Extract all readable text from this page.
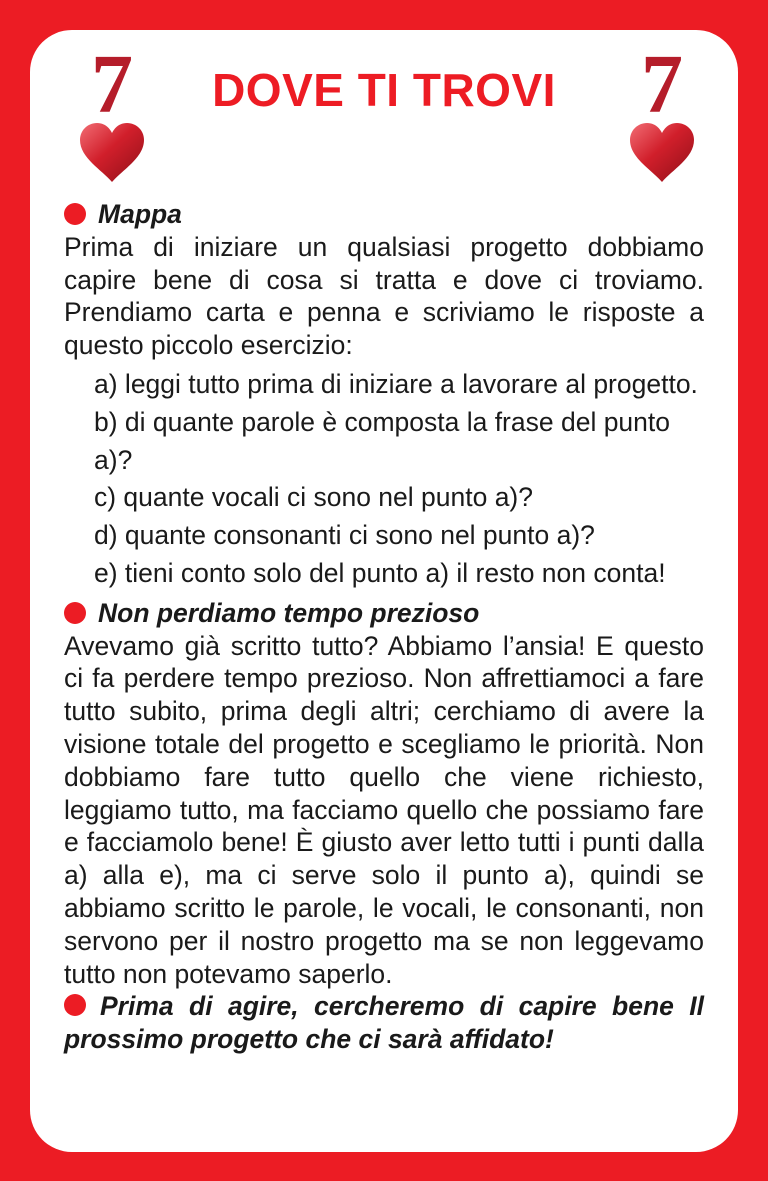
7	7
DOVE TI TROVI
Mappa

Prima di iniziare un qualsiasi progetto dobbiamo capire bene di cosa si tratta e dove ci troviamo. Prendiamo carta e penna e scriviamo le risposte a questo piccolo esercizio:

a) leggi tutto prima di iniziare a lavorare al progetto.
b) di quante parole è composta la frase del punto a)?
c) quante vocali ci sono nel punto a)?
d) quante consonanti ci sono nel punto a)?
e) tieni conto solo del punto a) il resto non conta!
Non perdiamo tempo prezioso

Avevamo già scritto tutto? Abbiamo l’ansia! E questo ci fa perdere tempo prezioso. Non affrettiamoci a fare tutto subito, prima degli altri; cerchiamo di avere la visione totale del progetto e scegliamo le priorità. Non dobbiamo fare tutto quello che viene richiesto, leggiamo tutto, ma facciamo quello che possiamo fare e facciamolo bene! È giusto aver letto tutti i punti dalla a) alla e), ma ci serve solo il punto a), quindi se abbiamo scritto le parole, le vocali, le consonanti, non servono per il nostro progetto ma se non leggevamo tutto non potevamo saperlo.

Prima di agire, cercheremo di capire bene Il prossimo progetto che ci sarà affidato!
